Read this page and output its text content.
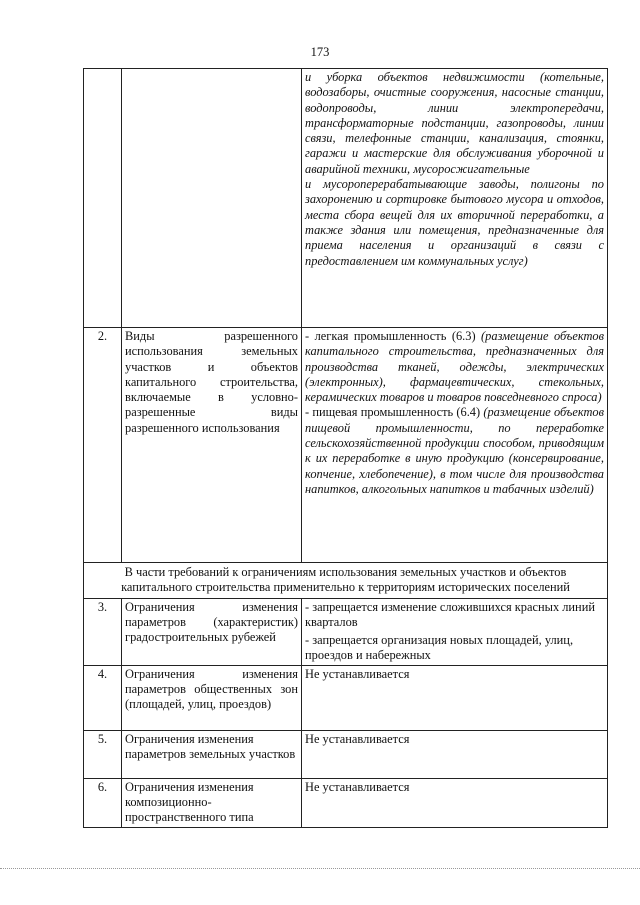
173

		и уборка объектов недвижимости (котельные, водозаборы, очистные сооружения, насосные станции, водопроводы, линии электропередачи, трансформаторные подстанции, газопроводы, линии связи, телефонные станции, канализация, стоянки, гаражи и мастерские для обслуживания уборочной и аварийной техники, мусоросжигательные

и мусороперерабатывающие заводы, полигоны по захоронению и сортировке бытового мусора и отходов, места сбора вещей для их вторичной переработки, а также здания или помещения, предназначенные для приема населения и организаций в связи с предоставлением им коммунальных услуг)

2.	Виды разрешенного использования земельных участков и объектов капитального строительства, включаемые в условно-разрешенные виды разрешенного использования	- легкая промышленность (6.3) (размещение объектов капитального строительства, предназначенных для производства тканей, одежды, электрических (электронных), фармацевтических, стекольных, керамических товаров и товаров повседневного спроса)

- пищевая промышленность (6.4) (размещение объектов пищевой промышленности, по переработке сельскохозяйственной продукции способом, приводящим к их переработке в иную продукцию (консервирование, копчение, хлебопечение), в том числе для производства напитков, алкогольных напитков и табачных изделий)

В части требований к ограничениям использования земельных участков и объектов капитального строительства применительно к территориям исторических поселений		
3.	Ограничения изменения параметров (характеристик) градостроительных рубежей	- запрещается изменение сложившихся красных линий кварталов

- запрещается организация новых площадей, улиц, проездов и набережных

4.	Ограничения изменения параметров общественных зон (площадей, улиц, проездов)	Не устанавливается
5.	Ограничения изменения параметров земельных участков	Не устанавливается
6.	Ограничения изменения композиционно-пространственного типа	Не устанавливается
